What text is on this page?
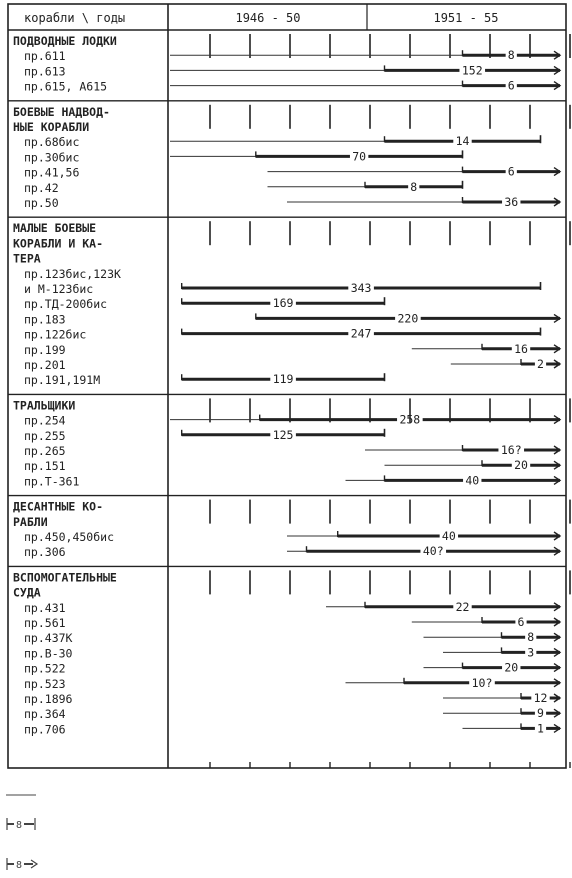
корабли \ годы	1946 - 50	1951 - 55
ПОДВОДНЫЕ ЛОДКИ
пр.611	8
пр.613	152
пр.615, А615	6
БОЕВЫЕ НАДВОД-
НЫЕ КОРАБЛИ
пр.68бис	14
пр.30бис	70
пр.41,56	6
пр.42	8
пр.50	36
МАЛЫЕ БОЕВЫЕ
КОРАБЛИ И КА-
ТЕРА
пр.123бис,123К
и М-123бис	343
пр.ТД-200бис	169
пр.183	220
пр.122бис	247
пр.199	16
пр.201	2
пр.191,191М	119
ТРАЛЬЩИКИ
пр.254	258
пр.255	125
пр.265	16?
пр.151	20
пр.Т-361	40
ДЕСАНТНЫЕ КО-
РАБЛИ
пр.450,450бис	40
пр.306	40?
ВСПОМОГАТЕЛЬНЫЕ
СУДА
пр.431	22
пр.561	6
пр.437К	8
пр.В-30	3
пр.522	20
пр.523	10?
пр.1896	12
пр.364	9
пр.706	1
8
8
